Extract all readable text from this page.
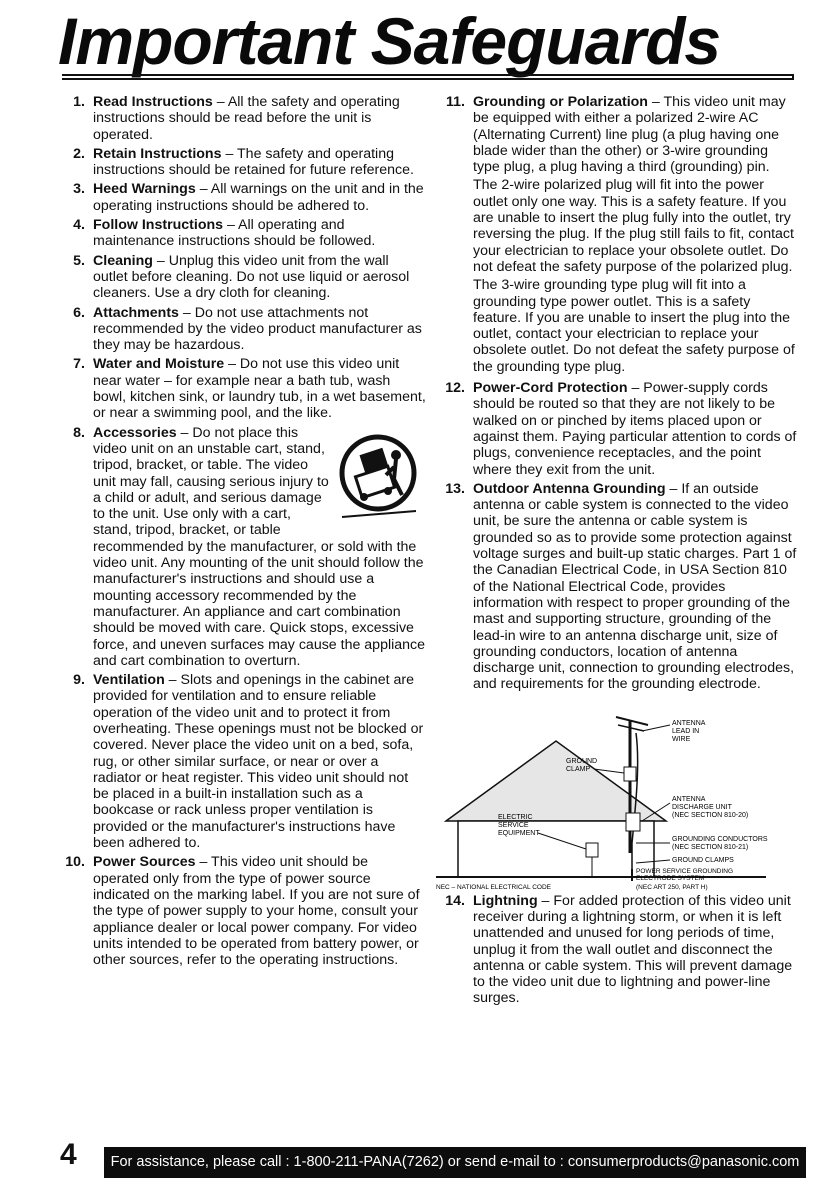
Important Safeguards
1. Read Instructions – All the safety and operating instructions should be read before the unit is operated.
2. Retain Instructions – The safety and operating instructions should be retained for future reference.
3. Heed Warnings – All warnings on the unit and in the operating instructions should be adhered to.
4. Follow Instructions – All operating and maintenance instructions should be followed.
5. Cleaning – Unplug this video unit from the wall outlet before cleaning. Do not use liquid or aerosol cleaners. Use a dry cloth for cleaning.
6. Attachments – Do not use attachments not recommended by the video product manufacturer as they may be hazardous.
7. Water and Moisture – Do not use this video unit near water – for example near a bath tub, wash bowl, kitchen sink, or laundry tub, in a wet basement, or near a swimming pool, and the like.
8. Accessories – Do not place this video unit on an unstable cart, stand, tripod, bracket, or table. The video unit may fall, causing serious injury to a child or adult, and serious damage to the unit. Use only with a cart, stand, tripod, bracket, or table recommended by the manufacturer, or sold with the video unit. Any mounting of the unit should follow the manufacturer's instructions and should use a mounting accessory recommended by the manufacturer. An appliance and cart combination should be moved with care. Quick stops, excessive force, and uneven surfaces may cause the appliance and cart combination to overturn.
9. Ventilation – Slots and openings in the cabinet are provided for ventilation and to ensure reliable operation of the video unit and to protect it from overheating. These openings must not be blocked or covered. Never place the video unit on a bed, sofa, rug, or other similar surface, or near or over a radiator or heat register. This video unit should not be placed in a built-in installation such as a bookcase or rack unless proper ventilation is provided or the manufacturer's instructions have been adhered to.
10. Power Sources – This video unit should be operated only from the type of power source indicated on the marking label. If you are not sure of the type of power supply to your home, consult your appliance dealer or local power company. For video units intended to be operated from battery power, or other sources, refer to the operating instructions.
11. Grounding or Polarization – This video unit may be equipped with either a polarized 2-wire AC (Alternating Current) line plug (a plug having one blade wider than the other) or 3-wire grounding type plug, a plug having a third (grounding) pin.

The 2-wire polarized plug will fit into the power outlet only one way. This is a safety feature. If you are unable to insert the plug fully into the outlet, try reversing the plug. If the plug still fails to fit, contact your electrician to replace your obsolete outlet. Do not defeat the safety purpose of the polarized plug.

The 3-wire grounding type plug will fit into a grounding type power outlet. This is a safety feature. If you are unable to insert the plug into the outlet, contact your electrician to replace your obsolete outlet. Do not defeat the safety purpose of the grounding type plug.

12. Power-Cord Protection – Power-supply cords should be routed so that they are not likely to be walked on or pinched by items placed upon or against them. Paying particular attention to cords of plugs, convenience receptacles, and the point where they exit from the unit.
13. Outdoor Antenna Grounding – If an outside antenna or cable system is connected to the video unit, be sure the antenna or cable system is grounded so as to provide some protection against voltage surges and built-up static charges. Part 1 of the Canadian Electrical Code, in USA Section 810 of the National Electrical Code, provides information with respect to proper grounding of the mast and supporting structure, grounding of the lead-in wire to an antenna discharge unit, size of grounding conductors, location of antenna discharge unit, connection to grounding electrodes, and requirements for the grounding electrode.
ANTENNA
LEAD IN
WIRE
GROUND
CLAMP
ELECTRIC
SERVICE
EQUIPMENT
ANTENNA
DISCHARGE UNIT
(NEC SECTION 810-20)
GROUNDING CONDUCTORS
(NEC SECTION 810-21)
GROUND CLAMPS
POWER SERVICE GROUNDING
ELECTRODE SYSTEM
NEC – NATIONAL ELECTRICAL CODE	(NEC ART 250, PART H)
14. Lightning – For added protection of this video unit receiver during a lightning storm, or when it is left unattended and unused for long periods of time, unplug it from the wall outlet and disconnect the antenna or cable system. This will prevent damage to the video unit due to lightning and power-line surges.
4	For assistance, please call : 1-800-211-PANA(7262) or send e-mail to : consumerproducts@panasonic.com
